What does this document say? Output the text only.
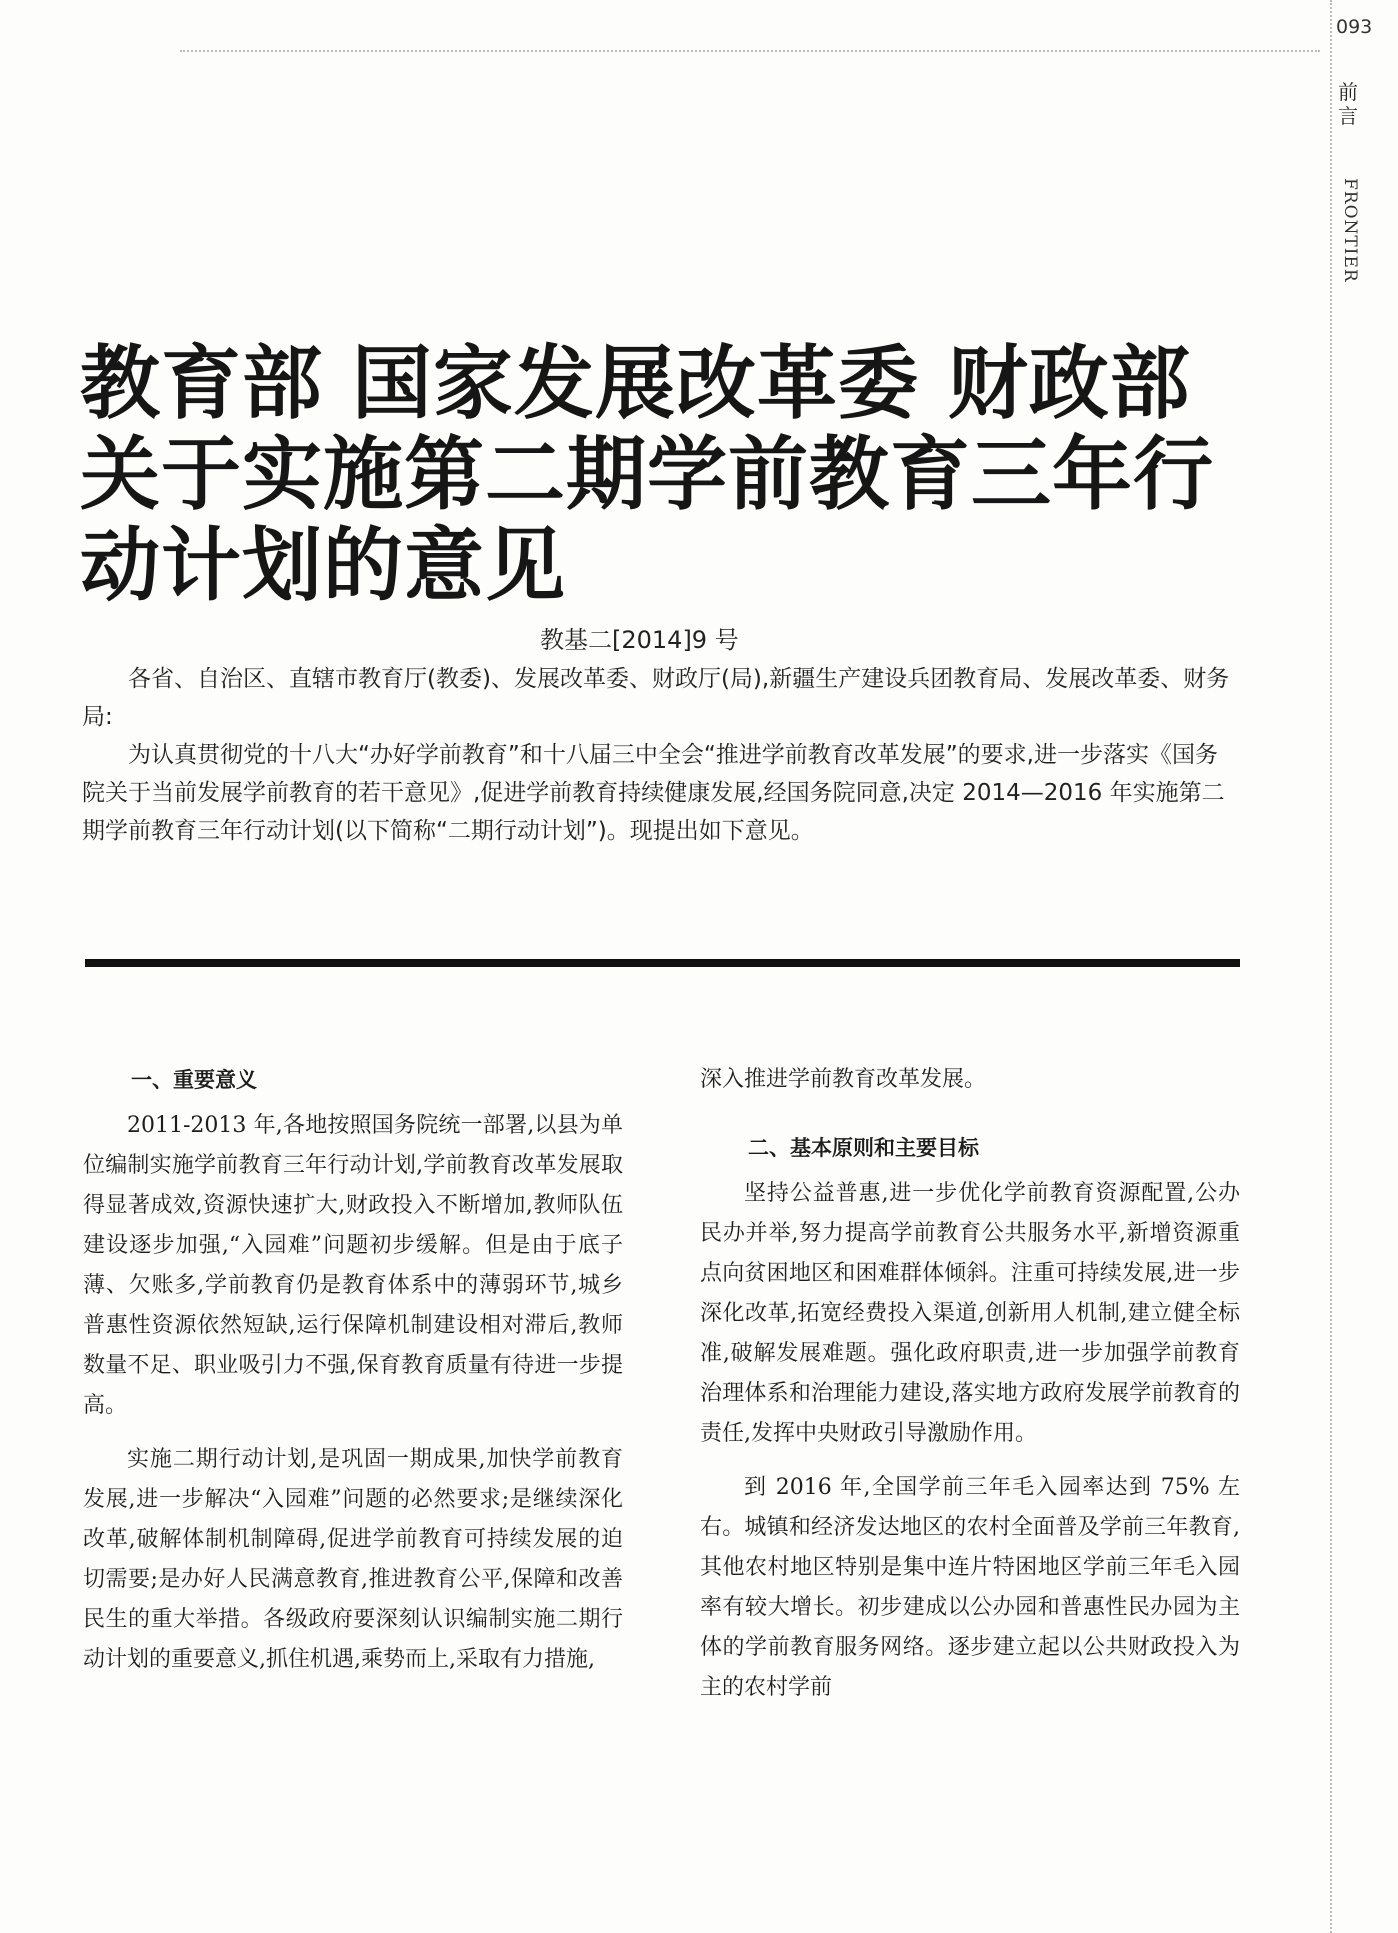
093
前言
FRONTIER
教育部 国家发展改革委 财政部
关于实施第二期学前教育三年行
动计划的意见
教基二[2014]9 号
各省、自治区、直辖市教育厅(教委)、发展改革委、财政厅(局),新疆生产建设兵团教育局、发展改革委、财务局:
为认真贯彻党的十八大“办好学前教育”和十八届三中全会“推进学前教育改革发展”的要求,进一步落实《国务院关于当前发展学前教育的若干意见》,促进学前教育持续健康发展,经国务院同意,决定 2014—2016 年实施第二期学前教育三年行动计划(以下简称“二期行动计划”)。现提出如下意见。
一、重要意义

2011-2013 年,各地按照国务院统一部署,以县为单位编制实施学前教育三年行动计划,学前教育改革发展取得显著成效,资源快速扩大,财政投入不断增加,教师队伍建设逐步加强,“入园难”问题初步缓解。但是由于底子薄、欠账多,学前教育仍是教育体系中的薄弱环节,城乡普惠性资源依然短缺,运行保障机制建设相对滞后,教师数量不足、职业吸引力不强,保育教育质量有待进一步提高。

实施二期行动计划,是巩固一期成果,加快学前教育发展,进一步解决“入园难”问题的必然要求;是继续深化改革,破解体制机制障碍,促进学前教育可持续发展的迫切需要;是办好人民满意教育,推进教育公平,保障和改善民生的重大举措。各级政府要深刻认识编制实施二期行动计划的重要意义,抓住机遇,乘势而上,采取有力措施,

深入推进学前教育改革发展。

二、基本原则和主要目标

坚持公益普惠,进一步优化学前教育资源配置,公办民办并举,努力提高学前教育公共服务水平,新增资源重点向贫困地区和困难群体倾斜。注重可持续发展,进一步深化改革,拓宽经费投入渠道,创新用人机制,建立健全标准,破解发展难题。强化政府职责,进一步加强学前教育治理体系和治理能力建设,落实地方政府发展学前教育的责任,发挥中央财政引导激励作用。

到 2016 年,全国学前三年毛入园率达到 75% 左右。城镇和经济发达地区的农村全面普及学前三年教育,其他农村地区特别是集中连片特困地区学前三年毛入园率有较大增长。初步建成以公办园和普惠性民办园为主体的学前教育服务网络。逐步建立起以公共财政投入为主的农村学前
